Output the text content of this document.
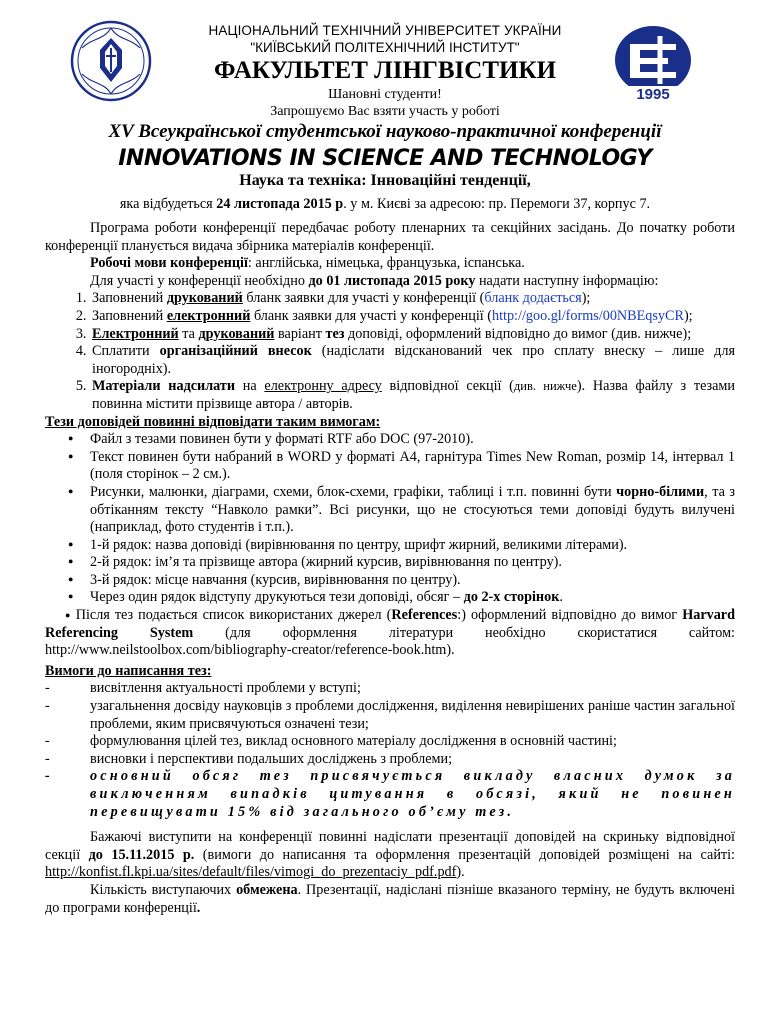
НАЦІОНАЛЬНИЙ ТЕХНІЧНИЙ УНІВЕРСИТЕТ УКРАЇНИ
"КИЇВСЬКИЙ ПОЛІТЕХНІЧНИЙ ІНСТИТУТ"
ФАКУЛЬТЕТ ЛІНГВІСТИКИ
Шановні студенти!
Запрошуємо Вас взяти участь у роботі
1995
XV Всеукраїнської студентської науково-практичної конференції
INNOVATIONS IN SCIENCE AND TECHNOLOGY
Наука та техніка: Інноваційні тенденції,
яка відбудеться 24 листопада 2015 р. у м. Києві за адресою: пр. Перемоги 37, корпус 7.

Програма роботи конференції передбачає роботу пленарних та секційних засідань. До початку роботи конференції планується видача збірника матеріалів конференції.

Робочі мови конференції: англійська, німецька, французька, іспанська.

Для участі у конференції необхідно до 01 листопада 2015 року надати наступну інформацію:

1. Заповнений друкований бланк заявки для участі у конференції (бланк додається);
2. Заповнений електронний бланк заявки для участі у конференції (http://goo.gl/forms/00NBEqsyCR);
3. Електронний та друкований варіант тез доповіді, оформлений відповідно до вимог (див. нижче);
4. Сплатити організаційний внесок (надіслати відсканований чек про сплату внеску – лише для іногородніх).
5. Матеріали надсилати на електронну адресу відповідної секції (див. нижче). Назва файлу з тезами повинна містити прізвище автора / авторів.

Тези доповідей повинні відповідати таким вимогам:

● Файл з тезами повинен бути у форматі RTF або DOC (97-2010).
● Текст повинен бути набраний в WORD у форматі А4, гарнітура Times New Roman, розмір 14, інтервал 1 (поля сторінок – 2 см.).
● Рисунки, малюнки, діаграми, схеми, блок-схеми, графіки, таблиці і т.п. повинні бути чорно-білими, та з обтіканням тексту “Навколо рамки”. Всі рисунки, що не стосуються теми доповіді будуть вилучені (наприклад, фото студентів і т.п.).
● 1-й рядок: назва доповіді (вирівнювання по центру, шрифт жирний, великими літерами).
● 2-й рядок: ім’я та прізвище автора (жирний курсив, вирівнювання по центру).
● 3-й рядок: місце навчання (курсив, вирівнювання по центру).
● Через один рядок відступу друкуються тези доповіді, обсяг – до 2-х сторінок.

● Після тез подається список використаних джерел (References:) оформлений відповідно до вимог Harvard Referencing System (для оформлення літератури необхідно скористатися сайтом: http://www.neilstoolbox.com/bibliography-creator/reference-book.htm).

Вимоги до написання тез:

- висвітлення актуальності проблеми у вступі;
- узагальнення досвіду науковців з проблеми дослідження, виділення невирішених раніше частин загальної проблеми, яким присвячуються означені тези;
- формулювання цілей тез, виклад основного матеріалу дослідження в основній частині;
- висновки і перспективи подальших досліджень з проблеми;
- основний обсяг тез присвячується викладу власних думок за виключенням випадків цитування в обсязі, який не повинен перевищувати 15% від загального об’єму тез.

Бажаючі виступити на конференції повинні надіслати презентації доповідей на скриньку відповідної секції до 15.11.2015 р. (вимоги до написання та оформлення презентацій доповідей розміщені на сайті: http://konfist.fl.kpi.ua/sites/default/files/vimogi_do_prezentaciy_pdf.pdf).

Кількість виступаючих обмежена. Презентації, надіслані пізніше вказаного терміну, не будуть включені до програми конференції.
